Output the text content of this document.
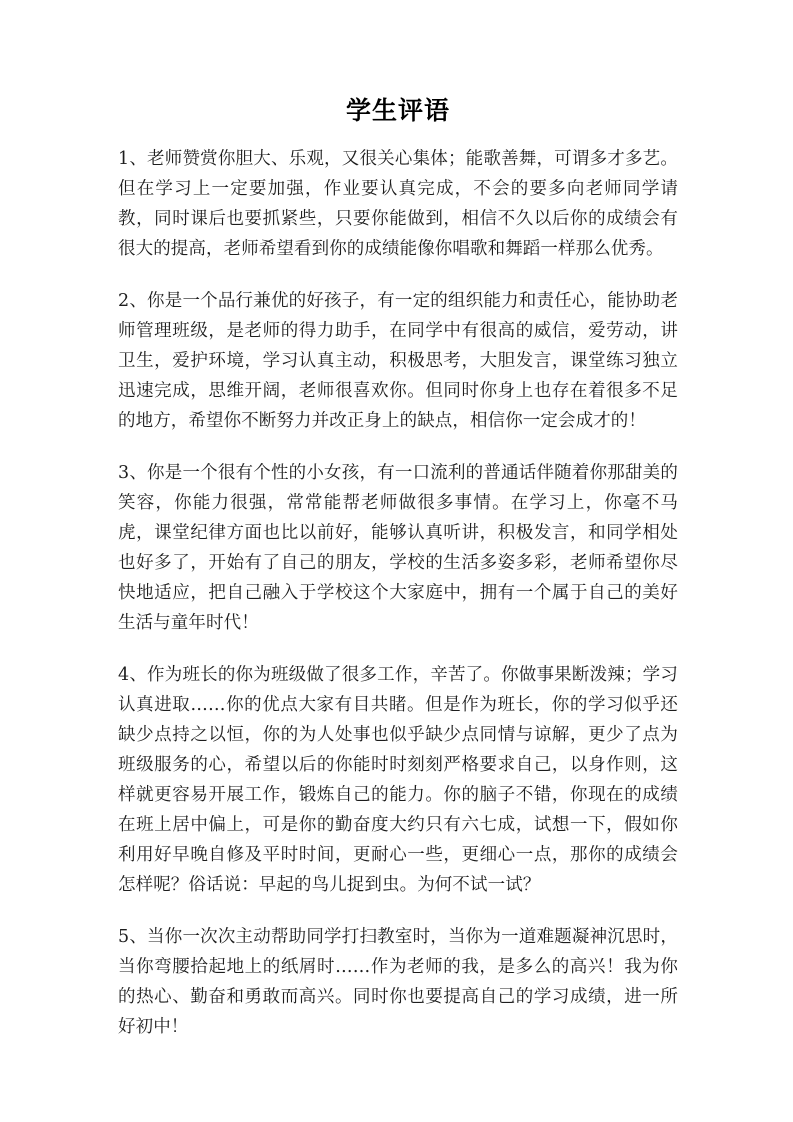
学生评语

1、老师赞赏你胆大、乐观，又很关心集体；能歌善舞，可谓多才多艺。但在学习上一定要加强，作业要认真完成，不会的要多向老师同学请教，同时课后也要抓紧些，只要你能做到，相信不久以后你的成绩会有很大的提高，老师希望看到你的成绩能像你唱歌和舞蹈一样那么优秀。

2、你是一个品行兼优的好孩子，有一定的组织能力和责任心，能协助老师管理班级，是老师的得力助手，在同学中有很高的威信，爱劳动，讲卫生，爱护环境，学习认真主动，积极思考，大胆发言，课堂练习独立迅速完成，思维开阔，老师很喜欢你。但同时你身上也存在着很多不足的地方，希望你不断努力并改正身上的缺点，相信你一定会成才的！

3、你是一个很有个性的小女孩，有一口流利的普通话伴随着你那甜美的笑容，你能力很强，常常能帮老师做很多事情。在学习上，你毫不马虎，课堂纪律方面也比以前好，能够认真听讲，积极发言，和同学相处也好多了，开始有了自己的朋友，学校的生活多姿多彩，老师希望你尽快地适应，把自己融入于学校这个大家庭中，拥有一个属于自己的美好生活与童年时代！

4、作为班长的你为班级做了很多工作，辛苦了。你做事果断泼辣；学习认真进取……你的优点大家有目共睹。但是作为班长，你的学习似乎还缺少点持之以恒，你的为人处事也似乎缺少点同情与谅解，更少了点为班级服务的心，希望以后的你能时时刻刻严格要求自己，以身作则，这样就更容易开展工作，锻炼自己的能力。你的脑子不错，你现在的成绩在班上居中偏上，可是你的勤奋度大约只有六七成，试想一下，假如你利用好早晚自修及平时时间，更耐心一些，更细心一点，那你的成绩会怎样呢？俗话说：早起的鸟儿捉到虫。为何不试一试？

5、当你一次次主动帮助同学打扫教室时，当你为一道难题凝神沉思时，当你弯腰拾起地上的纸屑时……作为老师的我，是多么的高兴！我为你的热心、勤奋和勇敢而高兴。同时你也要提高自己的学习成绩，进一所好初中！
